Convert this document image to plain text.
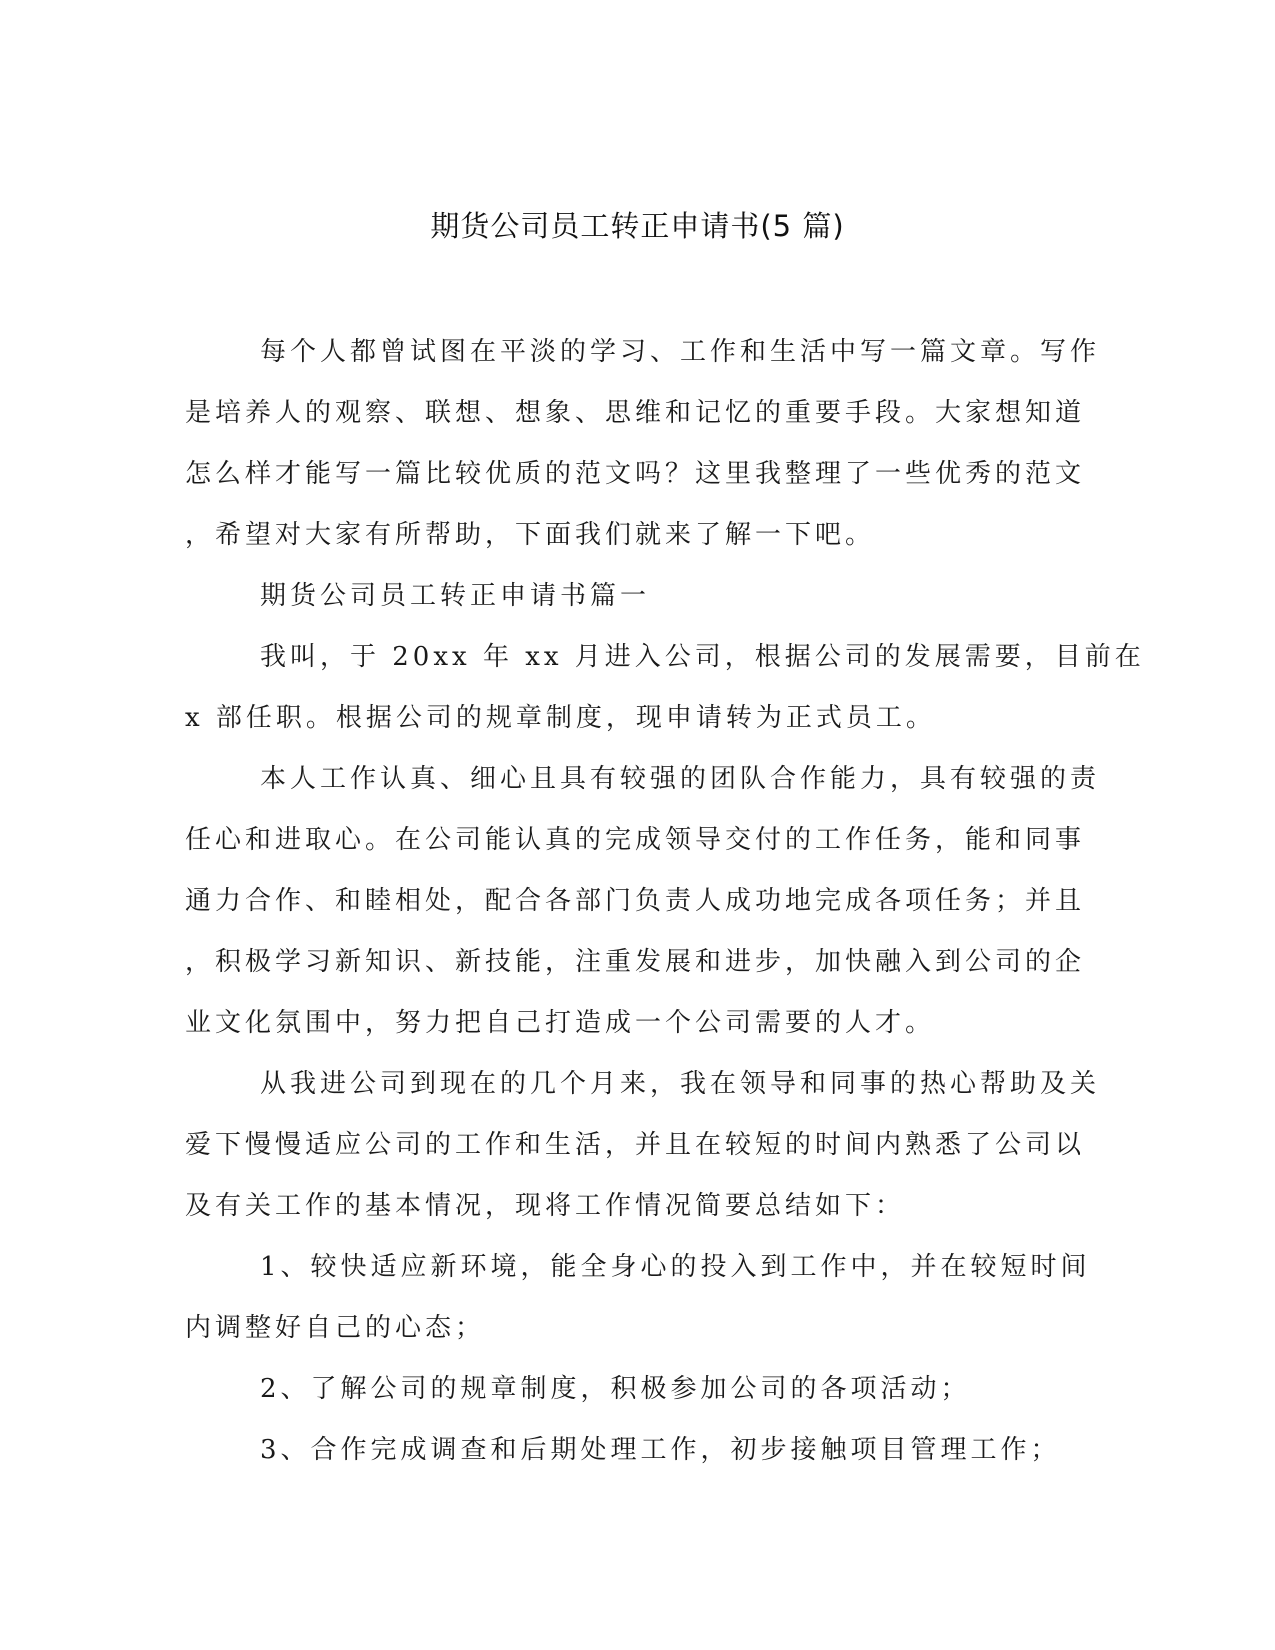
期货公司员工转正申请书(5 篇)
每个人都曾试图在平淡的学习、工作和生活中写一篇文章。写作
是培养人的观察、联想、想象、思维和记忆的重要手段。大家想知道
怎么样才能写一篇比较优质的范文吗？这里我整理了一些优秀的范文
，希望对大家有所帮助，下面我们就来了解一下吧。
期货公司员工转正申请书篇一
我叫，于 20xx 年 xx 月进入公司，根据公司的发展需要，目前在
x 部任职。根据公司的规章制度，现申请转为正式员工。
本人工作认真、细心且具有较强的团队合作能力，具有较强的责
任心和进取心。在公司能认真的完成领导交付的工作任务，能和同事
通力合作、和睦相处，配合各部门负责人成功地完成各项任务；并且
，积极学习新知识、新技能，注重发展和进步，加快融入到公司的企
业文化氛围中，努力把自己打造成一个公司需要的人才。
从我进公司到现在的几个月来，我在领导和同事的热心帮助及关
爱下慢慢适应公司的工作和生活，并且在较短的时间内熟悉了公司以
及有关工作的基本情况，现将工作情况简要总结如下：
1、较快适应新环境，能全身心的投入到工作中，并在较短时间
内调整好自己的心态；
2、了解公司的规章制度，积极参加公司的各项活动；
3、合作完成调查和后期处理工作，初步接触项目管理工作；
